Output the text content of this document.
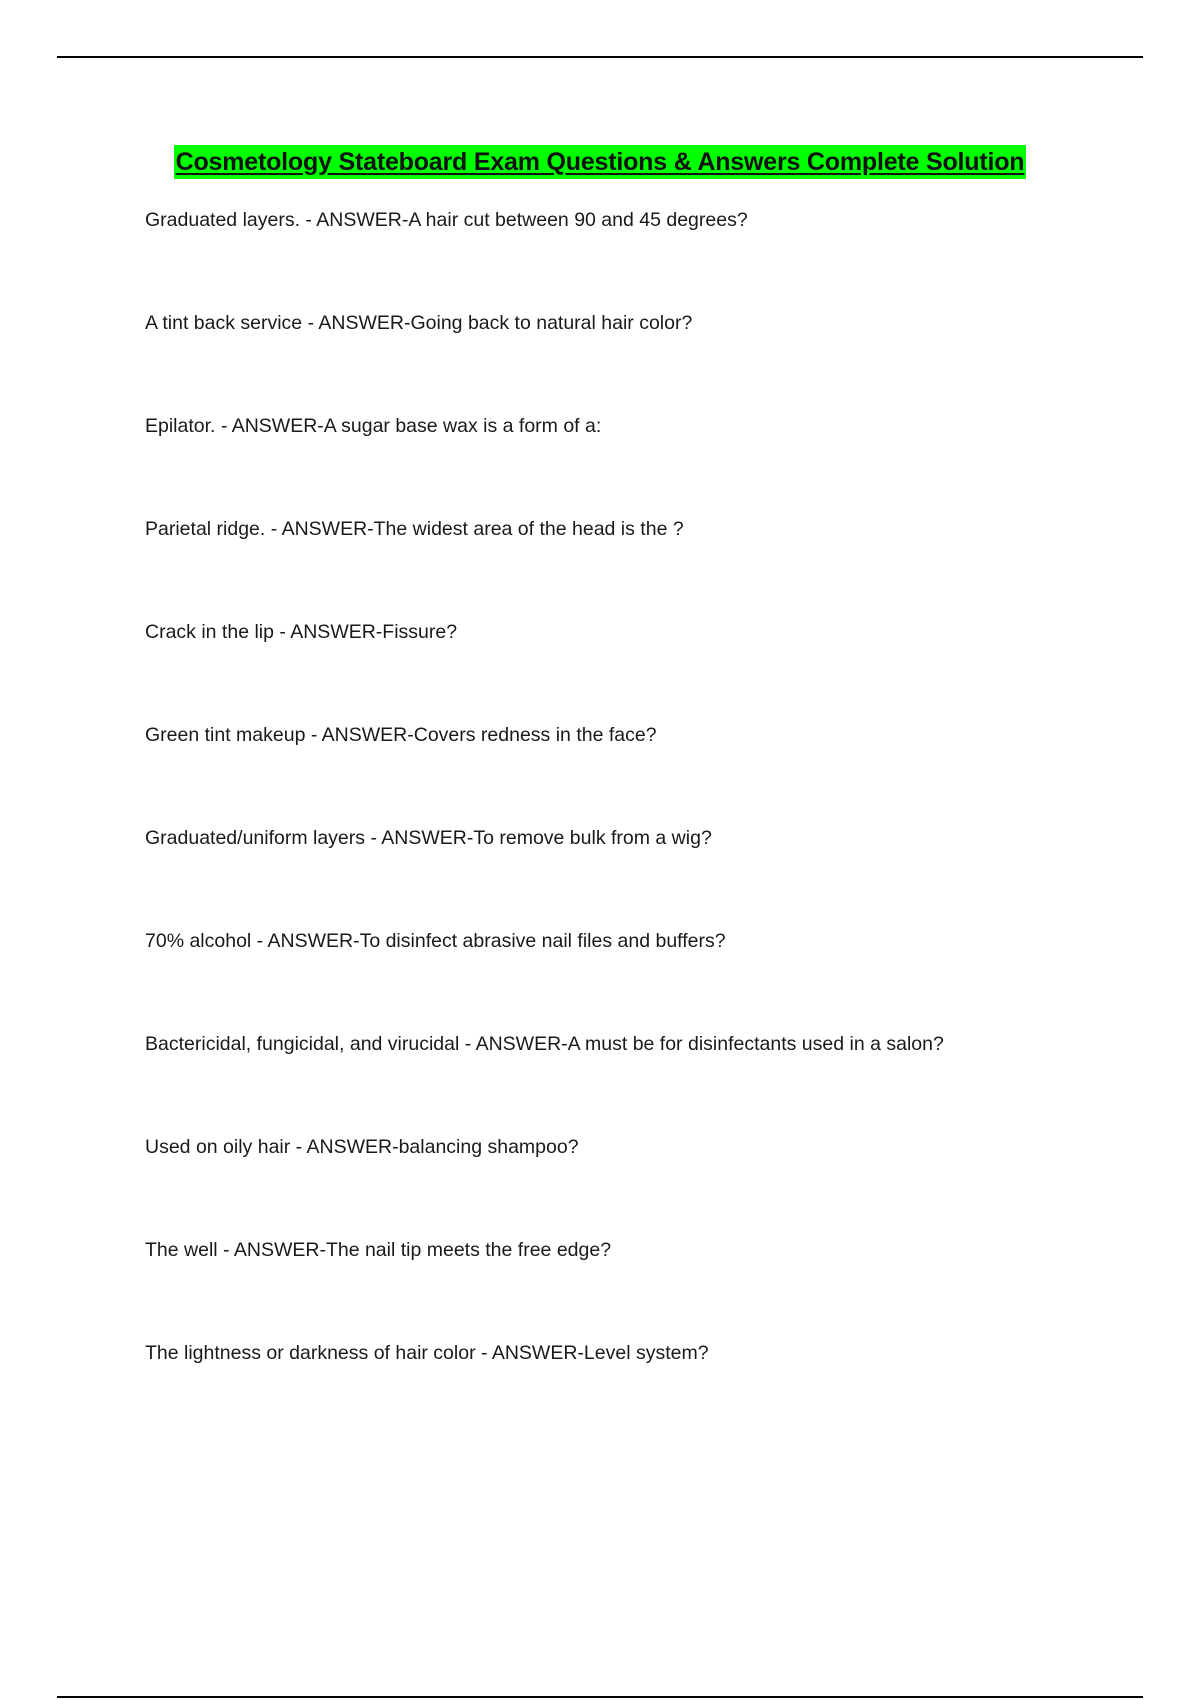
Cosmetology Stateboard Exam Questions & Answers Complete Solution
Graduated layers. - ANSWER-A hair cut between 90 and 45 degrees?
A tint back service - ANSWER-Going back to natural hair color?
Epilator. - ANSWER-A sugar base wax is a form of a:
Parietal ridge. - ANSWER-The widest area of the head is the ?
Crack in the lip - ANSWER-Fissure?
Green tint makeup - ANSWER-Covers redness in the face?
Graduated/uniform layers - ANSWER-To remove bulk from a wig?
70% alcohol - ANSWER-To disinfect abrasive nail files and buffers?
Bactericidal, fungicidal, and virucidal - ANSWER-A must be for disinfectants used in a salon?
Used on oily hair - ANSWER-balancing shampoo?
The well - ANSWER-The nail tip meets the free edge?
The lightness or darkness of hair color - ANSWER-Level system?
